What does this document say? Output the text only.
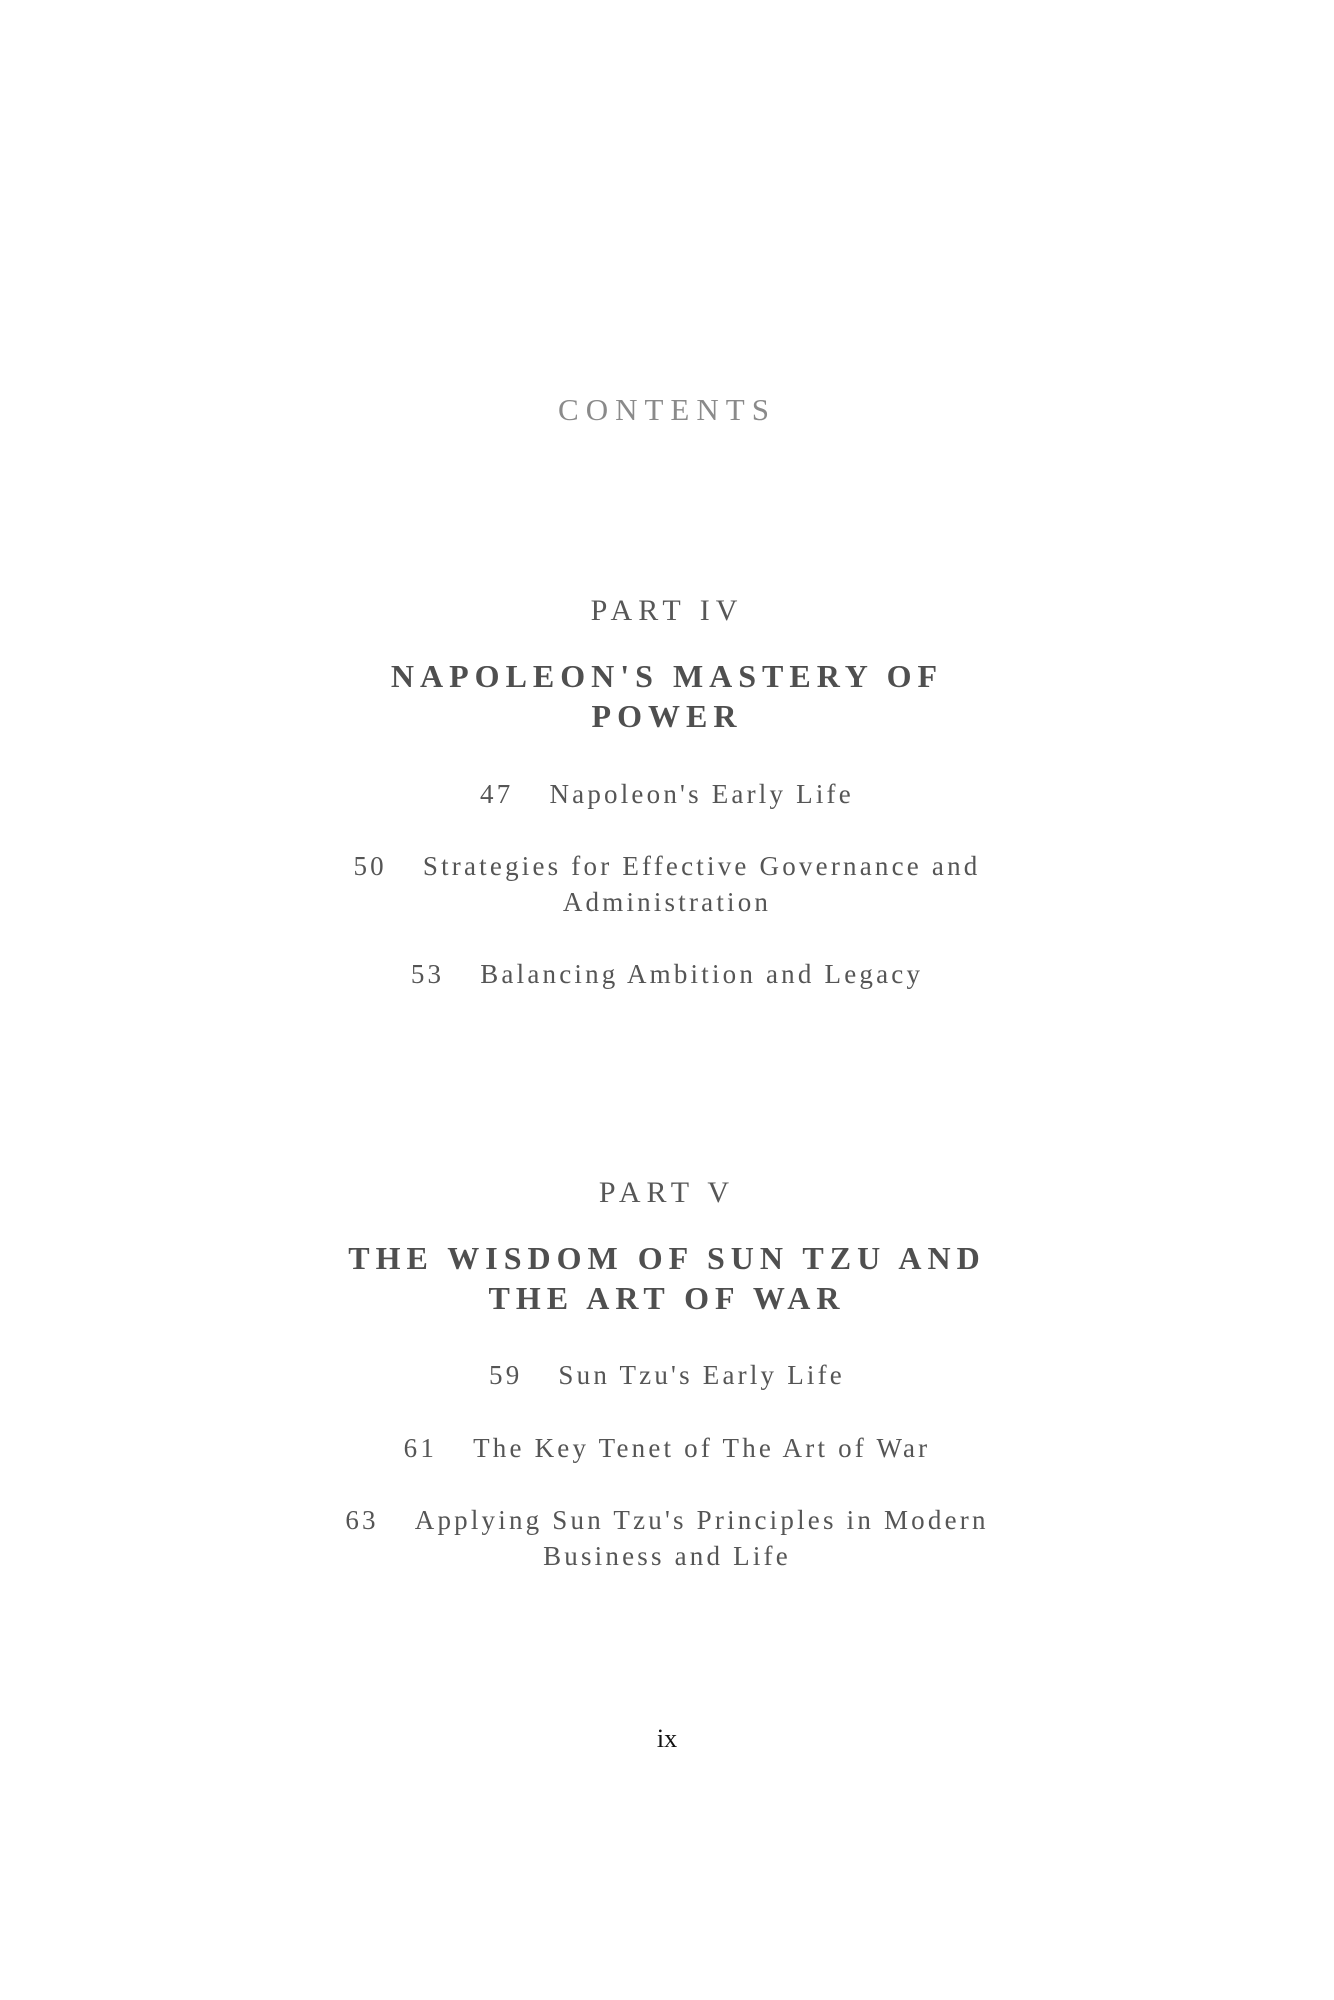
CONTENTS
PART IV
NAPOLEON'S MASTERY OF
POWER
47 Napoleon's Early Life
50 Strategies for Effective Governance and
Administration
53 Balancing Ambition and Legacy
PART V
THE WISDOM OF SUN TZU AND
THE ART OF WAR
59 Sun Tzu's Early Life
61 The Key Tenet of The Art of War
63 Applying Sun Tzu's Principles in Modern
Business and Life
ix
